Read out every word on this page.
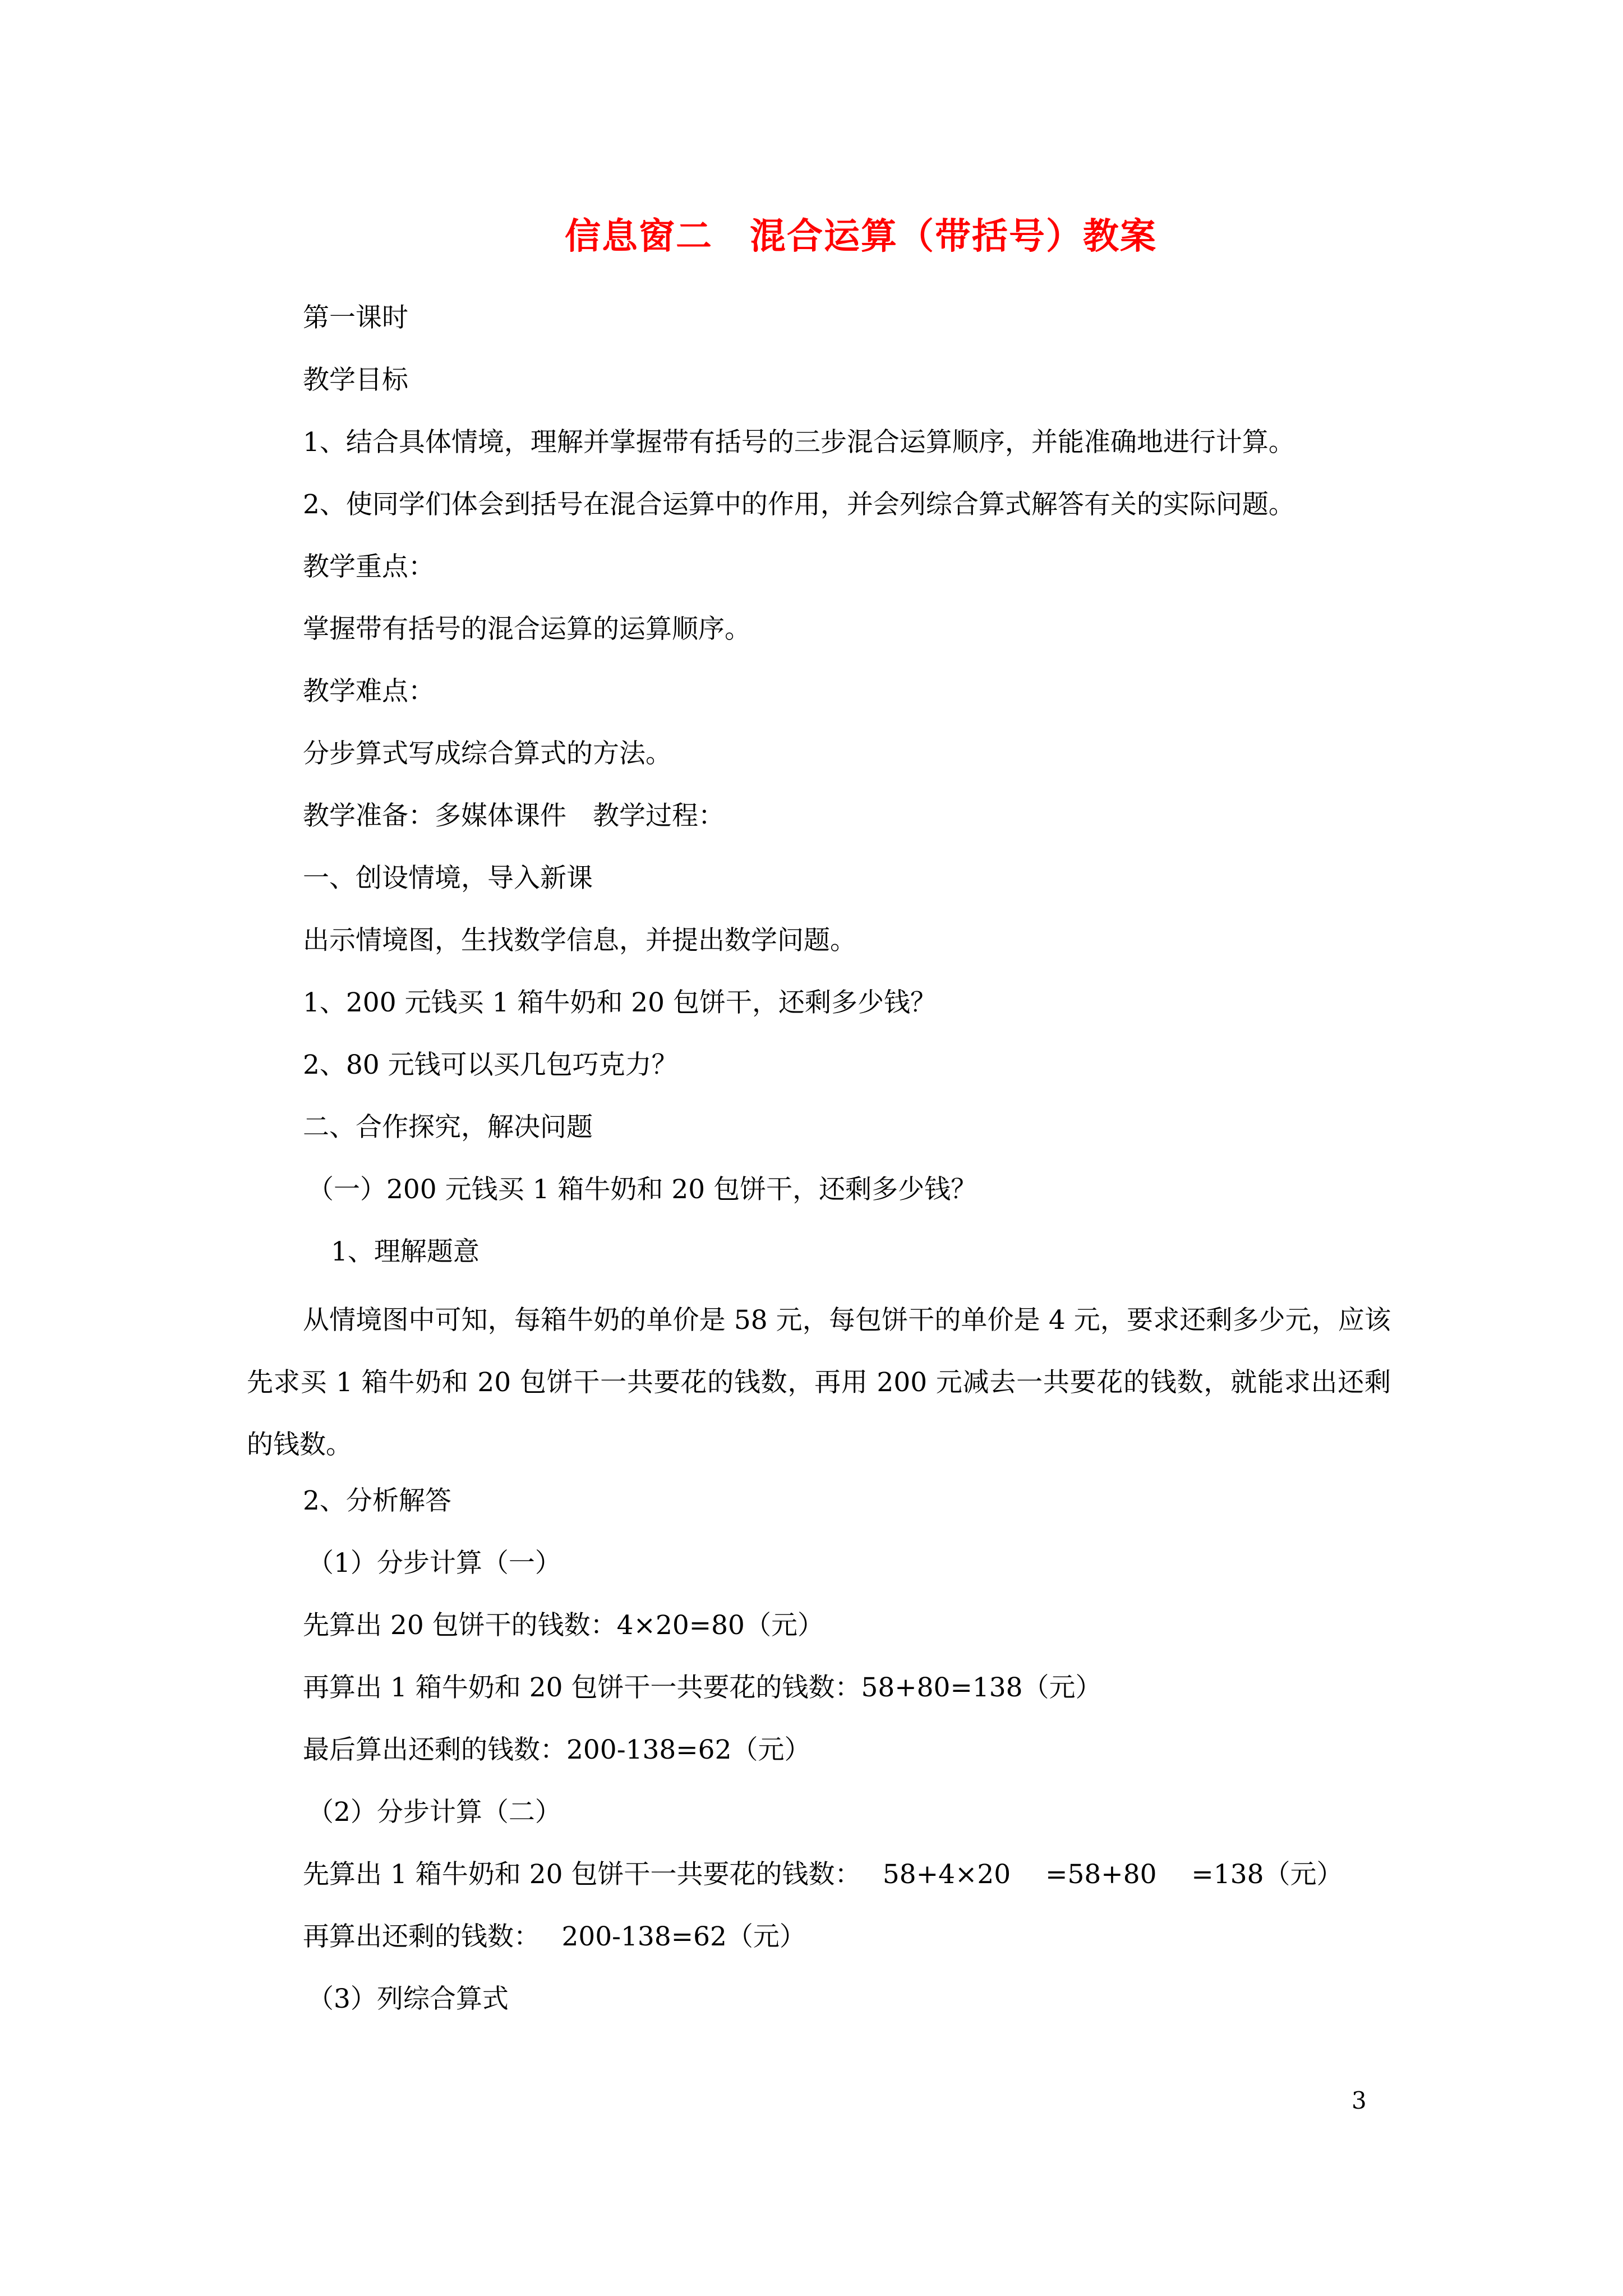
信息窗二　混合运算（带括号）教案
第一课时
教学目标
1、结合具体情境，理解并掌握带有括号的三步混合运算顺序，并能准确地进行计算。
2、使同学们体会到括号在混合运算中的作用，并会列综合算式解答有关的实际问题。
教学重点：
掌握带有括号的混合运算的运算顺序。
教学难点：
分步算式写成综合算式的方法。
教学准备：多媒体课件　教学过程：
一、创设情境，导入新课
出示情境图，生找数学信息，并提出数学问题。
1、200 元钱买 1 箱牛奶和 20 包饼干，还剩多少钱？
2、80 元钱可以买几包巧克力？
二、合作探究，解决问题
（一）200 元钱买 1 箱牛奶和 20 包饼干，还剩多少钱？
1、理解题意
从情境图中可知，每箱牛奶的单价是 58 元，每包饼干的单价是 4 元，要求还剩多少元，应该先求买 1 箱牛奶和 20 包饼干一共要花的钱数，再用 200 元减去一共要花的钱数，就能求出还剩的钱数。
2、分析解答
（1）分步计算（一）
先算出 20 包饼干的钱数：4×20=80（元）
再算出 1 箱牛奶和 20 包饼干一共要花的钱数：58+80=138（元）
最后算出还剩的钱数：200-138=62（元）
（2）分步计算（二）
先算出 1 箱牛奶和 20 包饼干一共要花的钱数：　 58+4×20 　=58+80 　=138（元）
再算出还剩的钱数：　 200-138=62（元）
（3）列综合算式
3
